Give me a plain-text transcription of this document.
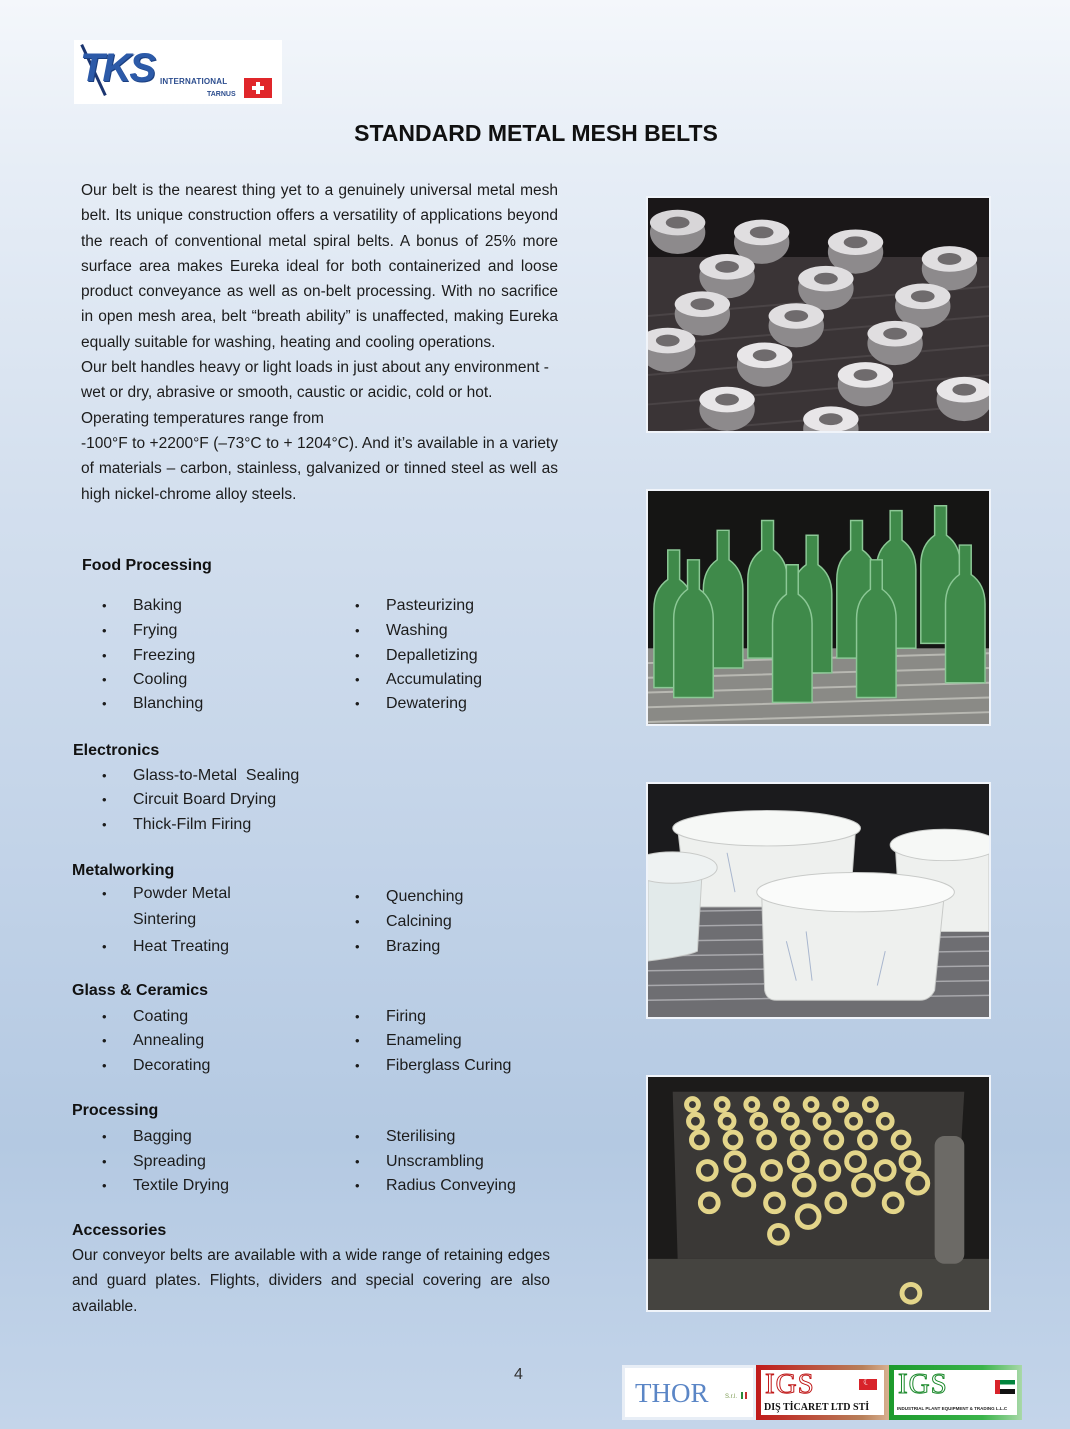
TKS INTERNATIONAL
TARNUS
STANDARD METAL MESH BELTS

Our belt is the nearest thing yet to a genuinely universal metal mesh belt. Its unique construction offers a versatility of applications beyond the reach of conventional metal spiral belts. A bonus of 25% more surface area makes Eureka ideal for both containerized and loose product conveyance as well as on-belt processing. With no sacrifice in open mesh area, belt “breath ability” is unaffected, making Eureka equally suitable for washing, heating and cooling operations.

Our belt handles heavy or light loads in just about any environment - wet or dry, abrasive or smooth, caustic or acidic, cold or hot. Operating temperatures range from

-100°F to +2200°F (–73°C to + 1204°C). And it’s available in a variety of materials – carbon, stainless, galvanized or tinned steel as well as high nickel-chrome alloy steels.

Food Processing
• Baking
• Frying
• Freezing
• Cooling
• Blanching
• Pasteurizing
• Washing
• Depalletizing
• Accumulating
• Dewatering
Electronics
• Glass-to-Metal  Sealing
• Circuit Board Drying
• Thick-Film Firing
Metalworking
• Powder Metal
Sintering
• Heat Treating
• Quenching
• Calcining
• Brazing
Glass & Ceramics
• Coating
• Annealing
• Decorating
• Firing
• Enameling
• Fiberglass Curing
Processing
• Bagging
• Spreading
• Textile Drying
• Sterilising
• Unscrambling
• Radius Conveying
Accessories
Our conveyor belts are available with a wide range of retaining edges and guard plates. Flights, dividers and special covering are also available.
4
THOR	S.r.l. IGS
☾
DIŞ TİCARET LTD STİ
IGS
INDUSTRIAL PLANT EQUIPMENT & TRADING L.L.C
